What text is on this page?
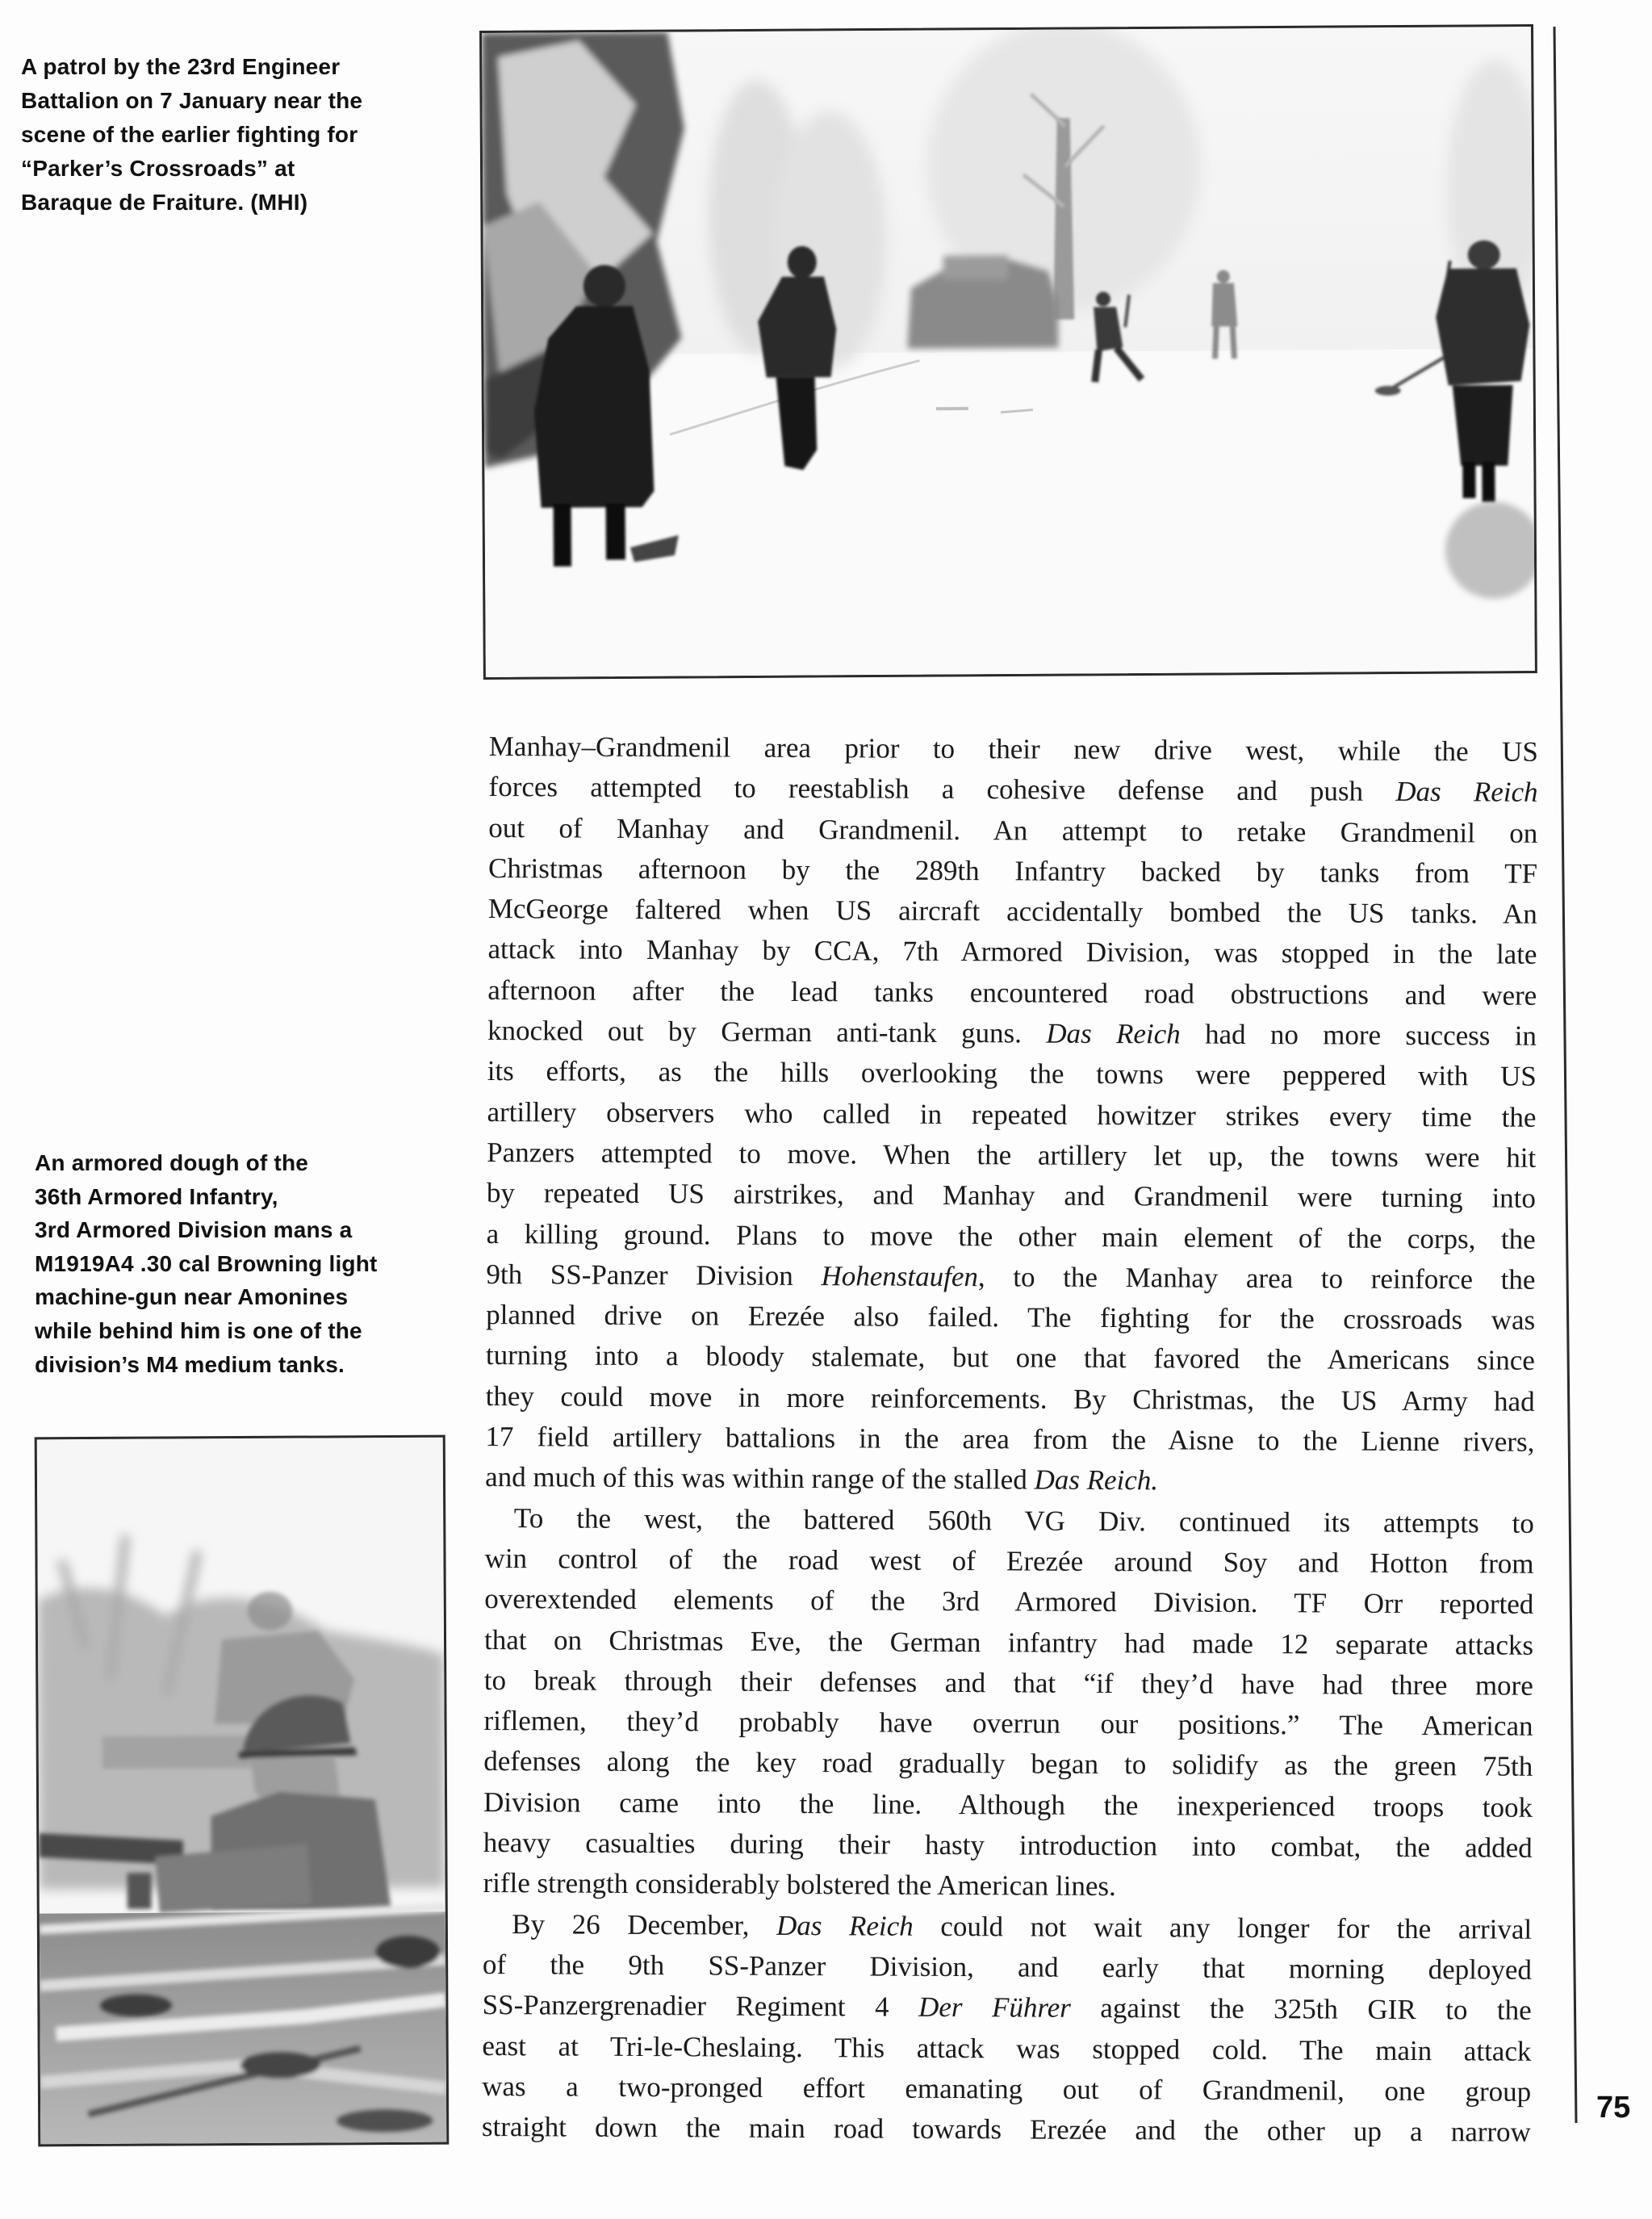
A patrol by the 23rd Engineer
Battalion on 7 January near the
scene of the earlier fighting for
“Parker’s Crossroads” at
Baraque de Fraiture. (MHI)
An armored dough of the
36th Armored Infantry,
3rd Armored Division mans a
M1919A4 .30 cal Browning light
machine-gun near Amonines
while behind him is one of the
division’s M4 medium tanks.
Manhay–Grandmenil area prior to their new drive west, while the US
forces attempted to reestablish a cohesive defense and push Das Reich
out of Manhay and Grandmenil. An attempt to retake Grandmenil on
Christmas afternoon by the 289th Infantry backed by tanks from TF
McGeorge faltered when US aircraft accidentally bombed the US tanks. An
attack into Manhay by CCA, 7th Armored Division, was stopped in the late
afternoon after the lead tanks encountered road obstructions and were
knocked out by German anti-tank guns. Das Reich had no more success in
its efforts, as the hills overlooking the towns were peppered with US
artillery observers who called in repeated howitzer strikes every time the
Panzers attempted to move. When the artillery let up, the towns were hit
by repeated US airstrikes, and Manhay and Grandmenil were turning into
a killing ground. Plans to move the other main element of the corps, the
9th SS-Panzer Division Hohenstaufen, to the Manhay area to reinforce the
planned drive on Erezée also failed. The fighting for the crossroads was
turning into a bloody stalemate, but one that favored the Americans since
they could move in more reinforcements. By Christmas, the US Army had
17 field artillery battalions in the area from the Aisne to the Lienne rivers,
and much of this was within range of the stalled Das Reich.
To the west, the battered 560th VG Div. continued its attempts to
win control of the road west of Erezée around Soy and Hotton from
overextended elements of the 3rd Armored Division. TF Orr reported
that on Christmas Eve, the German infantry had made 12 separate attacks
to break through their defenses and that “if they’d have had three more
riflemen, they’d probably have overrun our positions.” The American
defenses along the key road gradually began to solidify as the green 75th
Division came into the line. Although the inexperienced troops took
heavy casualties during their hasty introduction into combat, the added
rifle strength considerably bolstered the American lines.
By 26 December, Das Reich could not wait any longer for the arrival
of the 9th SS-Panzer Division, and early that morning deployed
SS-Panzergrenadier Regiment 4 Der Führer against the 325th GIR to the
east at Tri-le-Cheslaing. This attack was stopped cold. The main attack
was a two-pronged effort emanating out of Grandmenil, one group
straight down the main road towards Erezée and the other up a narrow
75
